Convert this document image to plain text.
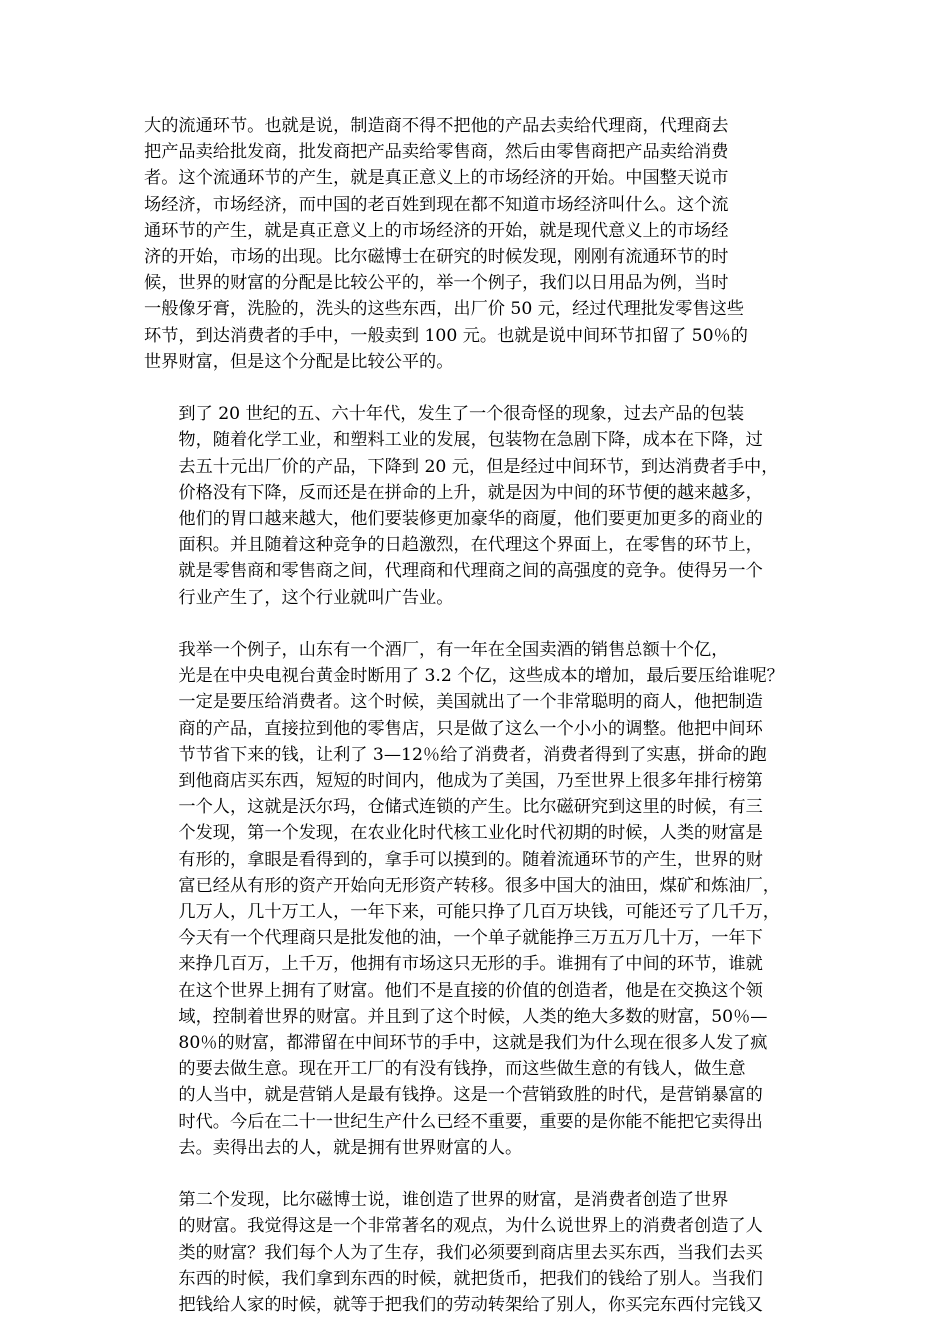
大的流通环节。也就是说，制造商不得不把他的产品去卖给代理商，代理商去
把产品卖给批发商，批发商把产品卖给零售商，然后由零售商把产品卖给消费
者。这个流通环节的产生，就是真正意义上的市场经济的开始。中国整天说市
场经济，市场经济，而中国的老百姓到现在都不知道市场经济叫什么。这个流
通环节的产生，就是真正意义上的市场经济的开始，就是现代意义上的市场经
济的开始，市场的出现。比尔磁博士在研究的时候发现，刚刚有流通环节的时
候，世界的财富的分配是比较公平的，举一个例子，我们以日用品为例，当时
一般像牙膏，洗脸的，洗头的这些东西，出厂价 50 元，经过代理批发零售这些
环节，到达消费者的手中，一般卖到 100 元。也就是说中间环节扣留了 50％的
世界财富，但是这个分配是比较公平的。
到了 20 世纪的五、六十年代，发生了一个很奇怪的现象，过去产品的包装
物，随着化学工业，和塑料工业的发展，包装物在急剧下降，成本在下降，过
去五十元出厂价的产品，下降到 20 元，但是经过中间环节，到达消费者手中，
价格没有下降，反而还是在拼命的上升，就是因为中间的环节便的越来越多，
他们的胃口越来越大，他们要装修更加豪华的商厦，他们要更加更多的商业的
面积。并且随着这种竞争的日趋激烈，在代理这个界面上，在零售的环节上，
就是零售商和零售商之间，代理商和代理商之间的高强度的竞争。使得另一个
行业产生了，这个行业就叫广告业。
我举一个例子，山东有一个酒厂，有一年在全国卖酒的销售总额十个亿，
光是在中央电视台黄金时断用了 3.2 个亿，这些成本的增加，最后要压给谁呢？
一定是要压给消费者。这个时候，美国就出了一个非常聪明的商人，他把制造
商的产品，直接拉到他的零售店，只是做了这么一个小小的调整。他把中间环
节节省下来的钱，让利了 3—12％给了消费者，消费者得到了实惠，拼命的跑
到他商店买东西，短短的时间内，他成为了美国，乃至世界上很多年排行榜第
一个人，这就是沃尔玛，仓储式连锁的产生。比尔磁研究到这里的时候，有三
个发现，第一个发现，在农业化时代核工业化时代初期的时候，人类的财富是
有形的，拿眼是看得到的，拿手可以摸到的。随着流通环节的产生，世界的财
富已经从有形的资产开始向无形资产转移。很多中国大的油田，煤矿和炼油厂，
几万人，几十万工人，一年下来，可能只挣了几百万块钱，可能还亏了几千万，
今天有一个代理商只是批发他的油，一个单子就能挣三万五万几十万，一年下
来挣几百万，上千万，他拥有市场这只无形的手。谁拥有了中间的环节，谁就
在这个世界上拥有了财富。他们不是直接的价值的创造者，他是在交换这个领
域，控制着世界的财富。并且到了这个时候，人类的绝大多数的财富，50％—
80％的财富，都滞留在中间环节的手中，这就是我们为什么现在很多人发了疯
的要去做生意。现在开工厂的有没有钱挣，而这些做生意的有钱人，做生意
的人当中，就是营销人是最有钱挣。这是一个营销致胜的时代，是营销暴富的
时代。今后在二十一世纪生产什么已经不重要，重要的是你能不能把它卖得出
去。卖得出去的人，就是拥有世界财富的人。
第二个发现，比尔磁博士说，谁创造了世界的财富，是消费者创造了世界
的财富。我觉得这是一个非常著名的观点，为什么说世界上的消费者创造了人
类的财富？我们每个人为了生存，我们必须要到商店里去买东西，当我们去买
东西的时候，我们拿到东西的时候，就把货币，把我们的钱给了别人。当我们
把钱给人家的时候，就等于把我们的劳动转架给了别人，你买完东西付完钱又
